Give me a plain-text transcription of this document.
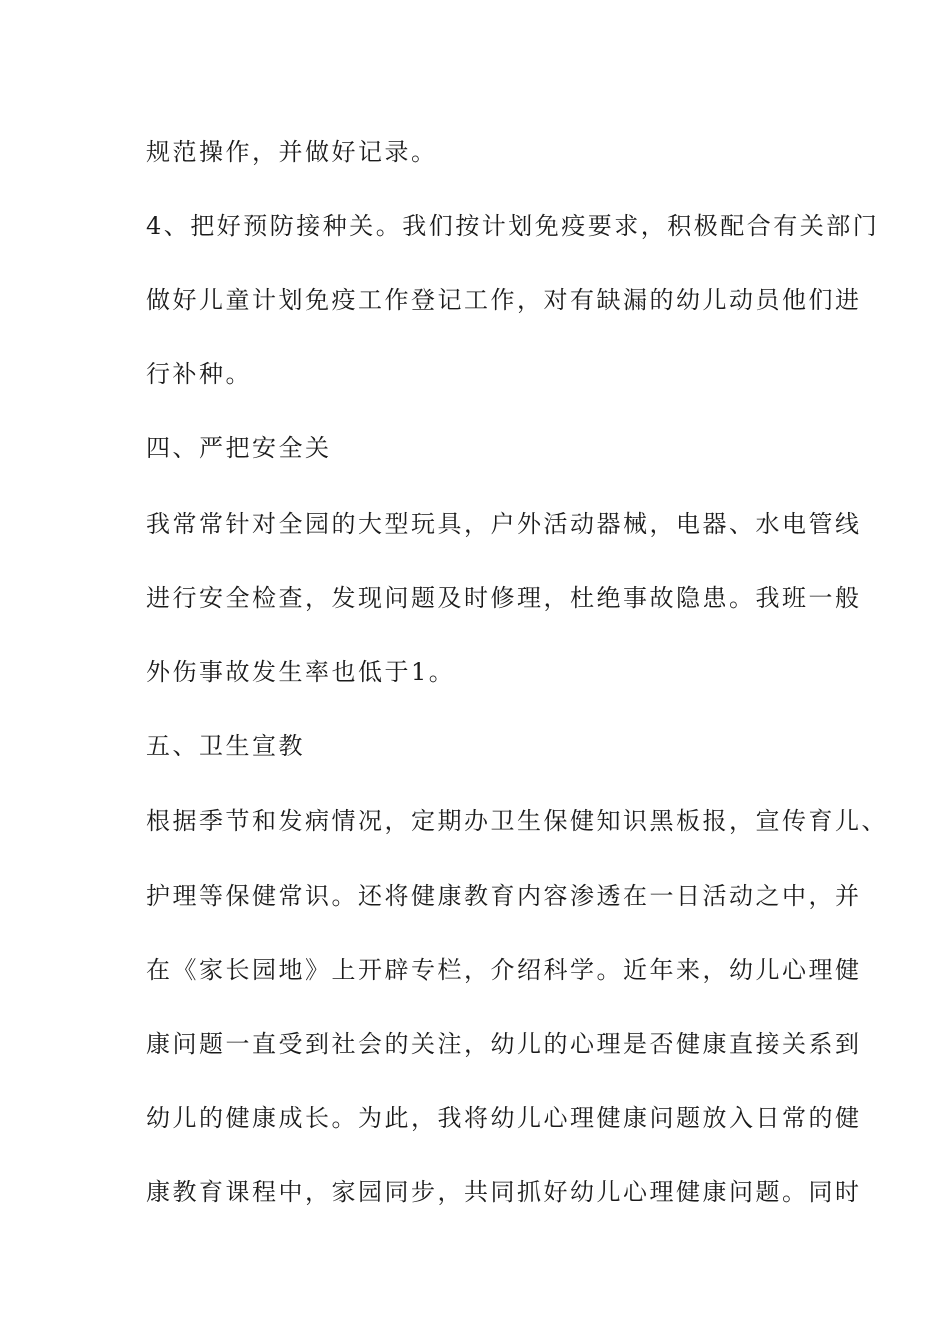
规范操作，并做好记录。
4、把好预防接种关。我们按计划免疫要求，积极配合有关部门
做好儿童计划免疫工作登记工作，对有缺漏的幼儿动员他们进
行补种。
四、严把安全关
我常常针对全园的大型玩具，户外活动器械，电器、水电管线
进行安全检查，发现问题及时修理，杜绝事故隐患。我班一般
外伤事故发生率也低于1。
五、卫生宣教
根据季节和发病情况，定期办卫生保健知识黑板报，宣传育儿、
护理等保健常识。还将健康教育内容渗透在一日活动之中，并
在《家长园地》上开辟专栏，介绍科学。近年来，幼儿心理健
康问题一直受到社会的关注，幼儿的心理是否健康直接关系到
幼儿的健康成长。为此，我将幼儿心理健康问题放入日常的健
康教育课程中，家园同步，共同抓好幼儿心理健康问题。同时
